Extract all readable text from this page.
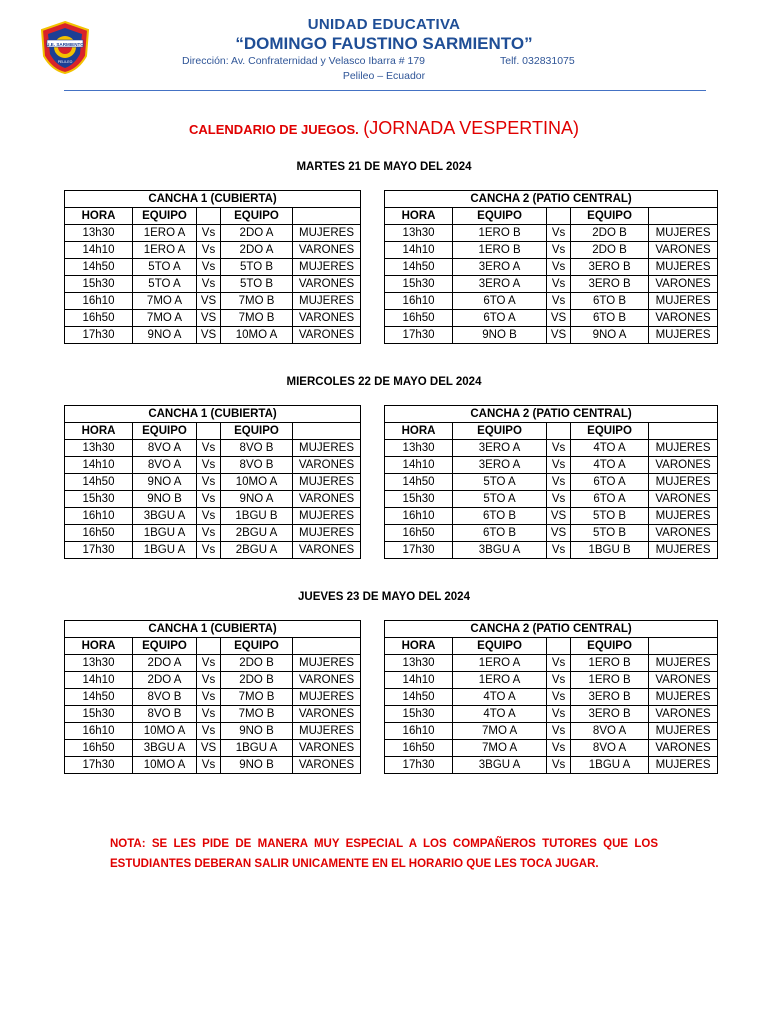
U.E. SARMIENTO
PELILEO
UNIDAD EDUCATIVA
“DOMINGO FAUSTINO SARMIENTO”
Dirección: Av. Confraternidad y Velasco Ibarra # 179	Telf. 032831075
Pelileo – Ecuador
CALENDARIO DE JUEGOS. (JORNADA VESPERTINA)
MARTES 21 DE MAYO DEL 2024
CANCHA 1 (CUBIERTA)						CANCHA 2 (PATIO CENTRAL)				
HORA	EQUIPO		EQUIPO			HORA	EQUIPO		EQUIPO	
13h30	1ERO A	Vs	2DO A	MUJERES		13h30	1ERO B	Vs	2DO B	MUJERES
14h10	1ERO A	Vs	2DO A	VARONES		14h10	1ERO B	Vs	2DO B	VARONES
14h50	5TO A	Vs	5TO B	MUJERES		14h50	3ERO A	Vs	3ERO B	MUJERES
15h30	5TO A	Vs	5TO B	VARONES		15h30	3ERO A	Vs	3ERO B	VARONES
16h10	7MO A	VS	7MO B	MUJERES		16h10	6TO A	Vs	6TO B	MUJERES
16h50	7MO A	VS	7MO B	VARONES		16h50	6TO A	VS	6TO B	VARONES
17h30	9NO A	VS	10MO A	VARONES		17h30	9NO B	VS	9NO A	MUJERES
MIERCOLES 22 DE MAYO DEL 2024
CANCHA 1 (CUBIERTA)						CANCHA 2 (PATIO CENTRAL)				
HORA	EQUIPO		EQUIPO			HORA	EQUIPO		EQUIPO	
13h30	8VO A	Vs	8VO B	MUJERES		13h30	3ERO A	Vs	4TO A	MUJERES
14h10	8VO A	Vs	8VO B	VARONES		14h10	3ERO A	Vs	4TO A	VARONES
14h50	9NO A	Vs	10MO A	MUJERES		14h50	5TO A	Vs	6TO A	MUJERES
15h30	9NO B	Vs	9NO A	VARONES		15h30	5TO A	Vs	6TO A	VARONES
16h10	3BGU A	Vs	1BGU B	MUJERES		16h10	6TO B	VS	5TO B	MUJERES
16h50	1BGU A	Vs	2BGU A	MUJERES		16h50	6TO B	VS	5TO B	VARONES
17h30	1BGU A	Vs	2BGU A	VARONES		17h30	3BGU A	Vs	1BGU B	MUJERES
JUEVES 23 DE MAYO DEL 2024
CANCHA 1 (CUBIERTA)						CANCHA 2 (PATIO CENTRAL)				
HORA	EQUIPO		EQUIPO			HORA	EQUIPO		EQUIPO	
13h30	2DO A	Vs	2DO B	MUJERES		13h30	1ERO A	Vs	1ERO B	MUJERES
14h10	2DO A	Vs	2DO B	VARONES		14h10	1ERO A	Vs	1ERO B	VARONES
14h50	8VO B	Vs	7MO B	MUJERES		14h50	4TO A	Vs	3ERO B	MUJERES
15h30	8VO B	Vs	7MO B	VARONES		15h30	4TO A	Vs	3ERO B	VARONES
16h10	10MO A	Vs	9NO B	MUJERES		16h10	7MO A	Vs	8VO A	MUJERES
16h50	3BGU A	VS	1BGU A	VARONES		16h50	7MO A	Vs	8VO A	VARONES
17h30	10MO A	Vs	9NO B	VARONES		17h30	3BGU A	Vs	1BGU A	MUJERES
NOTA: SE LES PIDE DE MANERA MUY ESPECIAL A LOS COMPAÑEROS TUTORES QUE LOS ESTUDIANTES DEBERAN SALIR UNICAMENTE EN EL HORARIO QUE LES TOCA JUGAR.
